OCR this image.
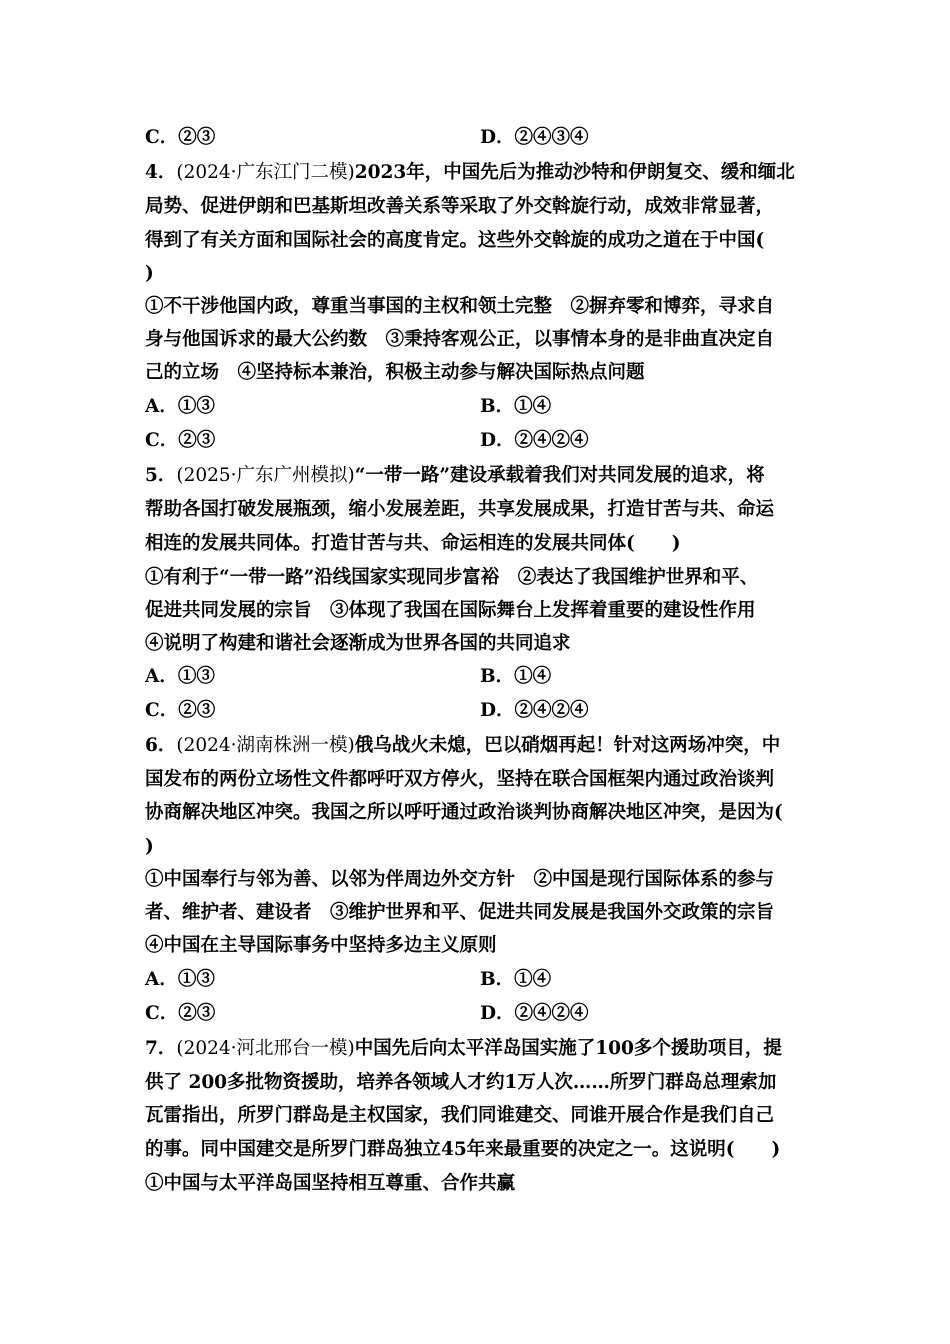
C．②③	D．②④③④
4．(2024·广东江门二模)2023年，中国先后为推动沙特和伊朗复交、缓和缅北
局势、促进伊朗和巴基斯坦改善关系等采取了外交斡旋行动，成效非常显著，
得到了有关方面和国际社会的高度肯定。这些外交斡旋的成功之道在于中国(
)
①不干涉他国内政，尊重当事国的主权和领土完整　②摒弃零和博弈，寻求自
身与他国诉求的最大公约数　③秉持客观公正，以事情本身的是非曲直决定自
己的立场　④坚持标本兼治，积极主动参与解决国际热点问题
A．①③	B．①④
C．②③	D．②④②④
5．(2025·广东广州模拟)“一带一路”建设承载着我们对共同发展的追求，将
帮助各国打破发展瓶颈，缩小发展差距，共享发展成果，打造甘苦与共、命运
相连的发展共同体。打造甘苦与共、命运相连的发展共同体(　　)
①有利于“一带一路”沿线国家实现同步富裕　②表达了我国维护世界和平、
促进共同发展的宗旨　③体现了我国在国际舞台上发挥着重要的建设性作用
④说明了构建和谐社会逐渐成为世界各国的共同追求
A．①③	B．①④
C．②③	D．②④②④
6．(2024·湖南株洲一模)俄乌战火未熄，巴以硝烟再起！针对这两场冲突，中
国发布的两份立场性文件都呼吁双方停火，坚持在联合国框架内通过政治谈判
协商解决地区冲突。我国之所以呼吁通过政治谈判协商解决地区冲突，是因为(
)
①中国奉行与邻为善、以邻为伴周边外交方针　②中国是现行国际体系的参与
者、维护者、建设者　③维护世界和平、促进共同发展是我国外交政策的宗旨
④中国在主导国际事务中坚持多边主义原则
A．①③	B．①④
C．②③	D．②④②④
7．(2024·河北邢台一模)中国先后向太平洋岛国实施了100多个援助项目，提
供了 200多批物资援助，培养各领域人才约1万人次……所罗门群岛总理索加
瓦雷指出，所罗门群岛是主权国家，我们同谁建交、同谁开展合作是我们自己
的事。同中国建交是所罗门群岛独立45年来最重要的决定之一。这说明(　　)
①中国与太平洋岛国坚持相互尊重、合作共赢
